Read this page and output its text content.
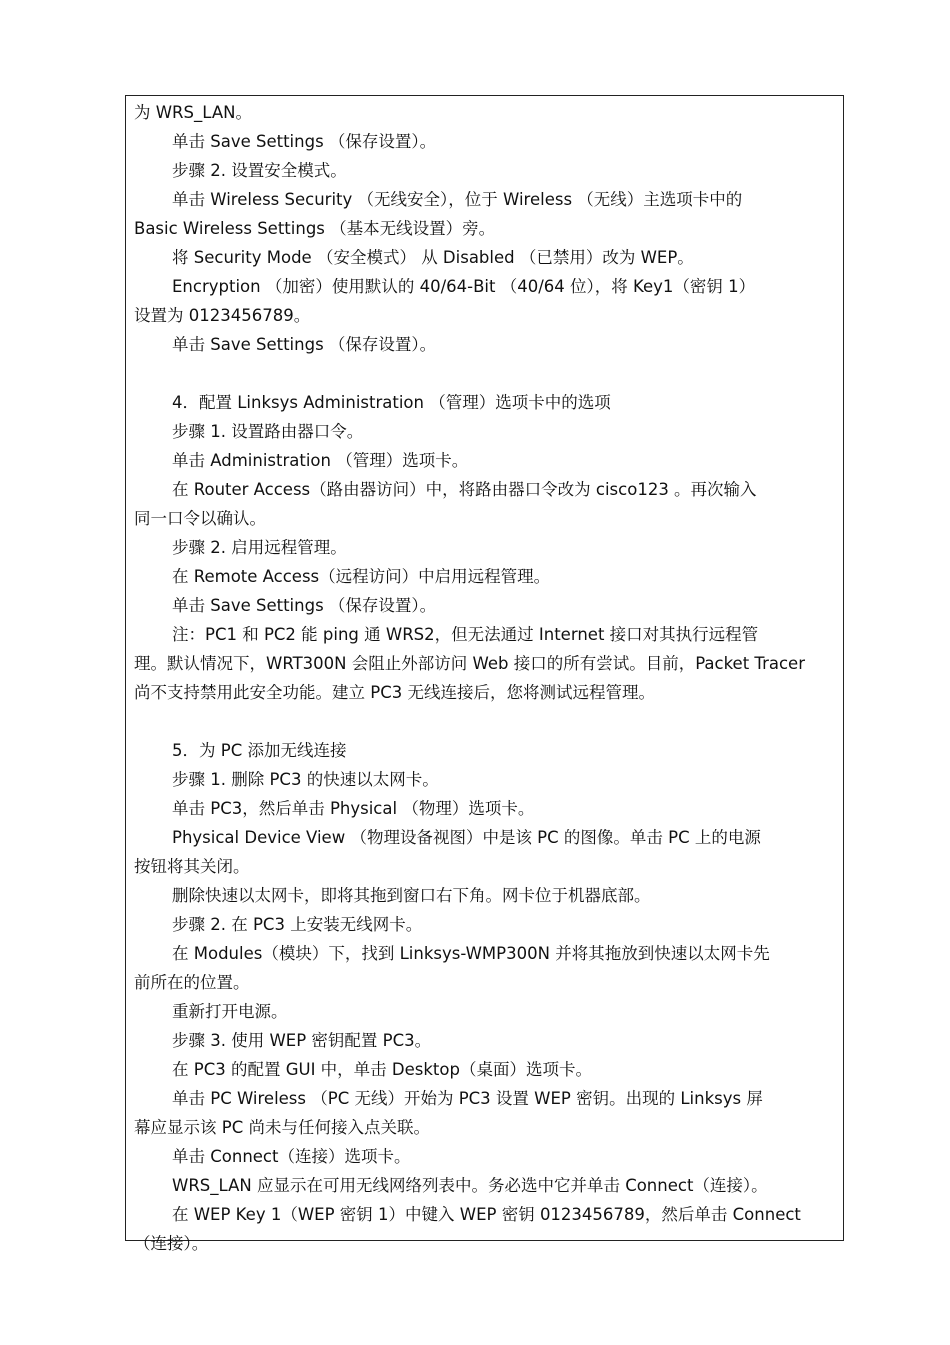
为 WRS_LAN。
单击 Save Settings （保存设置）。
步骤 2. 设置安全模式。
单击 Wireless Security （无线安全），位于 Wireless （无线）主选项卡中的
Basic Wireless Settings （基本无线设置）旁。
将 Security Mode （安全模式） 从 Disabled （已禁用）改为 WEP。
Encryption （加密）使用默认的 40/64-Bit （40/64 位），将 Key1（密钥 1）
设置为 0123456789。
单击 Save Settings （保存设置）。
4．配置 Linksys Administration （管理）选项卡中的选项
步骤 1. 设置路由器口令。
单击 Administration （管理）选项卡。
在 Router Access（路由器访问）中，将路由器口令改为 cisco123 。再次输入
同一口令以确认。
步骤 2. 启用远程管理。
在 Remote Access（远程访问）中启用远程管理。
单击 Save Settings （保存设置）。
注：PC1 和 PC2 能 ping 通 WRS2，但无法通过 Internet 接口对其执行远程管
理。默认情况下，WRT300N 会阻止外部访问 Web 接口的所有尝试。目前，Packet Tracer
尚不支持禁用此安全功能。建立 PC3 无线连接后，您将测试远程管理。
5．为 PC 添加无线连接
步骤 1. 删除 PC3 的快速以太网卡。
单击 PC3，然后单击 Physical （物理）选项卡。
Physical Device View （物理设备视图）中是该 PC 的图像。单击 PC 上的电源
按钮将其关闭。
删除快速以太网卡，即将其拖到窗口右下角。网卡位于机器底部。
步骤 2. 在 PC3 上安装无线网卡。
在 Modules（模块）下，找到 Linksys-WMP300N 并将其拖放到快速以太网卡先
前所在的位置。
重新打开电源。
步骤 3. 使用 WEP 密钥配置 PC3。
在 PC3 的配置 GUI 中，单击 Desktop（桌面）选项卡。
单击 PC Wireless （PC 无线）开始为 PC3 设置 WEP 密钥。出现的 Linksys 屏
幕应显示该 PC 尚未与任何接入点关联。
单击 Connect（连接）选项卡。
WRS_LAN 应显示在可用无线网络列表中。务必选中它并单击 Connect（连接）。
在 WEP Key 1（WEP 密钥 1）中键入 WEP 密钥 0123456789，然后单击 Connect
（连接）。
